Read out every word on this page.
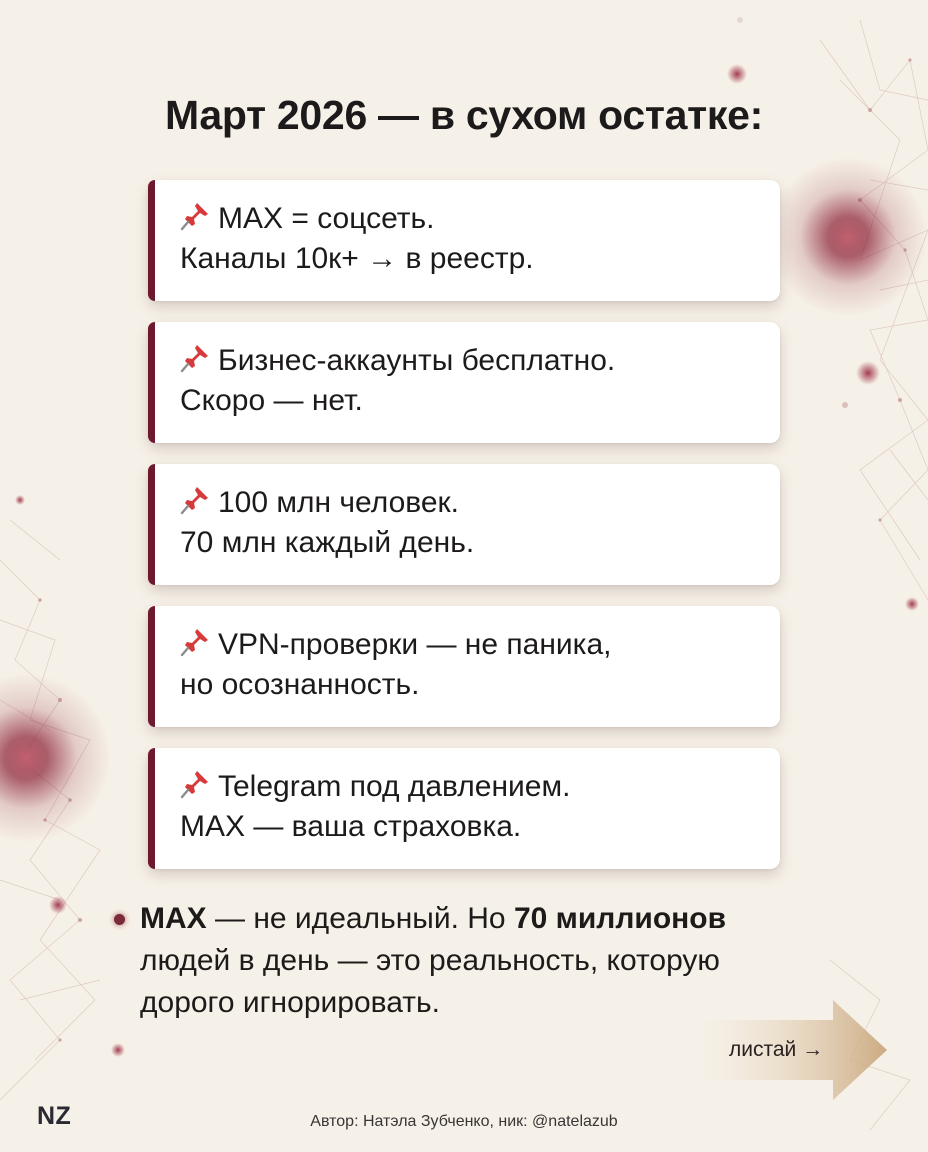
Март 2026 — в сухом остатке:
МАХ = соцсеть.
Каналы 10к+ → в реестр.
Бизнес-аккаунты бесплатно.
Скоро — нет.
100 млн человек.
70 млн каждый день.
VPN-проверки — не паника,
но осознанность.
Telegram под давлением.
МАХ — ваша страховка.
МАХ — не идеальный. Но 70 миллионов
людей в день — это реальность, которую
дорого игнорировать.
листай →
NZ	Автор: Натэла Зубченко, ник: @natelazub
